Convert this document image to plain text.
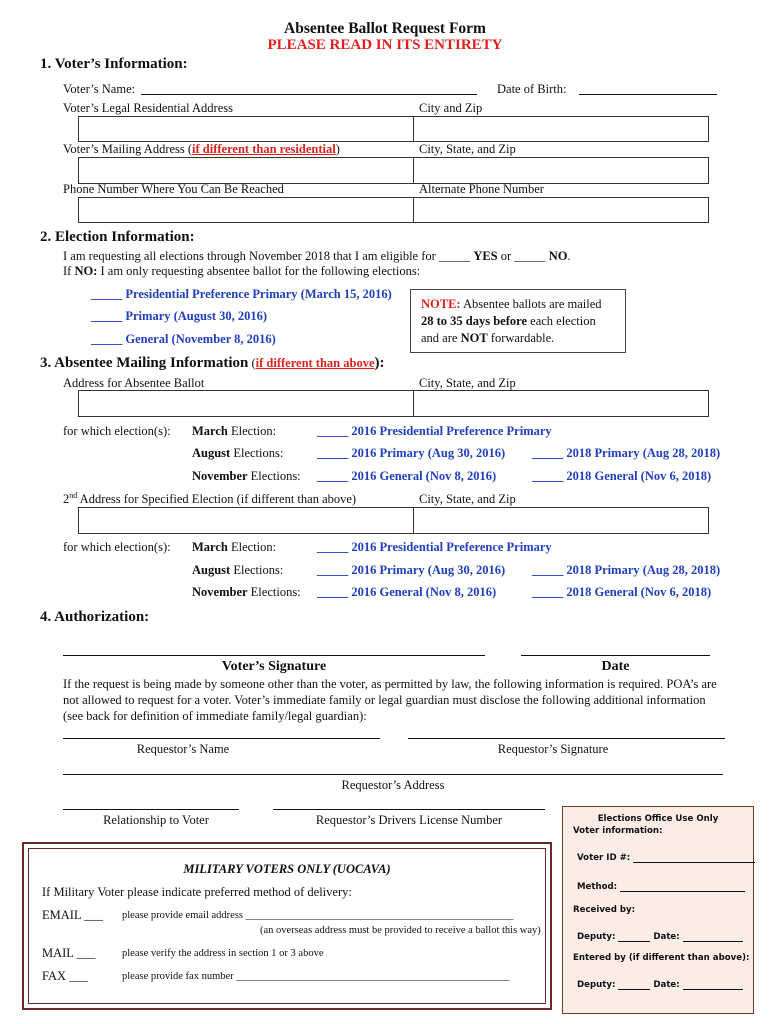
Absentee Ballot Request Form
PLEASE READ IN ITS ENTIRETY
1. Voter’s Information:
Voter’s Name:	Date of Birth:
Voter’s Legal Residential Address	City and Zip
Voter’s Mailing Address (if different than residential)	City, State, and Zip
Phone Number Where You Can Be Reached	Alternate Phone Number
2. Election Information:
I am requesting all elections through November 2018 that I am eligible for _____ YES or _____ NO.
If NO: I am only requesting absentee ballot for the following elections:
_____ Presidential Preference Primary (March 15, 2016)
_____ Primary (August 30, 2016)
_____ General (November 8, 2016)
NOTE: Absentee ballots are mailed
28 to 35 days before each election
and are NOT forwardable.
3. Absentee Mailing Information (if different than above):
Address for Absentee Ballot	City, State, and Zip
for which election(s): March Election:	_____ 2016 Presidential Preference Primary
August Elections:	_____ 2016 Primary (Aug 30, 2016) _____ 2018 Primary (Aug 28, 2018)
November Elections: _____ 2016 General (Nov 8, 2016)	_____ 2018 General (Nov 6, 2018)
2nd Address for Specified Election (if different than above)	City, State, and Zip
for which election(s): March Election:	_____ 2016 Presidential Preference Primary
August Elections:	_____ 2016 Primary (Aug 30, 2016) _____ 2018 Primary (Aug 28, 2018)
November Elections: _____ 2016 General (Nov 8, 2016)	_____ 2018 General (Nov 6, 2018)
4. Authorization:
Voter’s Signature	Date
If the request is being made by someone other than the voter, as permitted by law, the following information is required. POA’s are not allowed to request for a voter. Voter’s immediate family or legal guardian must disclose the following additional information (see back for definition of immediate family/legal guardian):
Requestor’s Name	Requestor’s Signature
Requestor’s Address
Relationship to Voter	Requestor’s Drivers License Number
MILITARY VOTERS ONLY (UOCAVA)
If Military Voter please indicate preferred method of delivery:
EMAIL ___ please provide email address ___________________________________________________
(an overseas address must be provided to receive a ballot this way)
MAIL ___	please verify the address in section 1 or 3 above
FAX ___	please provide fax number ____________________________________________________
Elections Office Use Only
Voter information:
Voter ID #:
Method:
Received by:
Deputy:	Date:
Entered by (if different than above):
Deputy:	Date:
